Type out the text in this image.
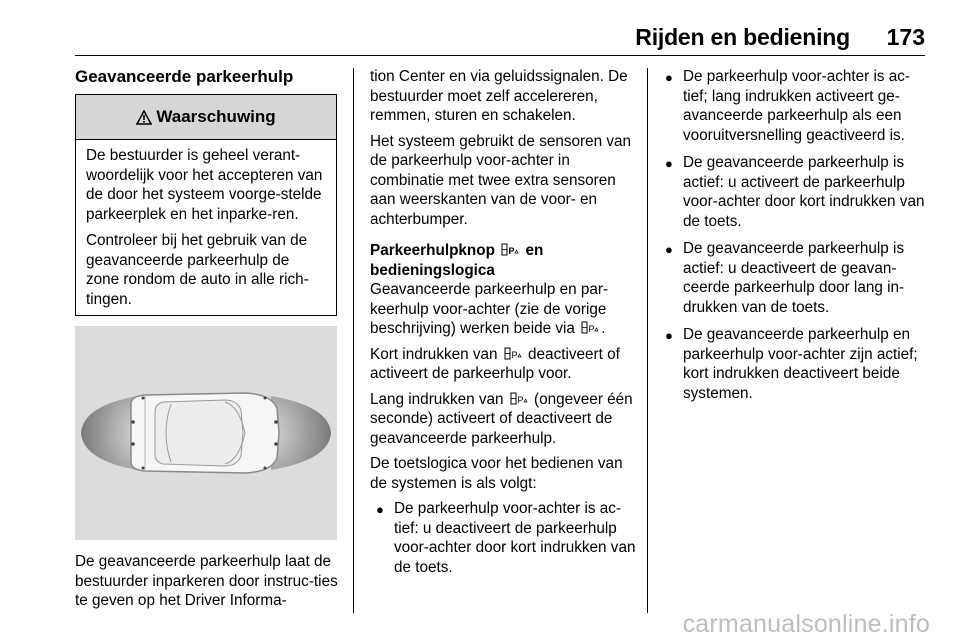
Rijden en bediening 173
Geavanceerde parkeerhulp
Waarschuwing

De bestuurder is geheel verant-woordelijk voor het accepteren van de door het systeem voorge-stelde parkeerplek en het inparke-ren.

Controleer bij het gebruik van de geavanceerde parkeerhulp de zone rondom de auto in alle rich-tingen.

De geavanceerde parkeerhulp laat de bestuurder inparkeren door instruc-ties te geven op het Driver Informa-

tion Center en via geluidssignalen. De bestuurder moet zelf accelereren, remmen, sturen en schakelen.

Het systeem gebruikt de sensoren van de parkeerhulp voor-achter in combinatie met twee extra sensoren aan weerskanten van de voor- en achterbumper.

Parkeerhulpknop P en
bedieningslogica

Geavanceerde parkeerhulp en par-keerhulp voor-achter (zie de vorige beschrijving) werken beide via P .

Kort indrukken van P deactiveert of activeert de parkeerhulp voor.

Lang indrukken van P (ongeveer één seconde) activeert of deactiveert de geavanceerde parkeerhulp.

De toetslogica voor het bedienen van de systemen is als volgt:

● De parkeerhulp voor-achter is ac-tief: u deactiveert de parkeerhulp voor-achter door kort indrukken van de toets.
● De parkeerhulp voor-achter is ac-tief; lang indrukken activeert ge-avanceerde parkeerhulp als een vooruitversnelling geactiveerd is.
● De geavanceerde parkeerhulp is actief: u activeert de parkeerhulp voor-achter door kort indrukken van de toets.
● De geavanceerde parkeerhulp is actief: u deactiveert de geavan-ceerde parkeerhulp door lang in-drukken van de toets.
● De geavanceerde parkeerhulp en parkeerhulp voor-achter zijn actief; kort indrukken deactiveert beide systemen.
carmanualsonline.info
